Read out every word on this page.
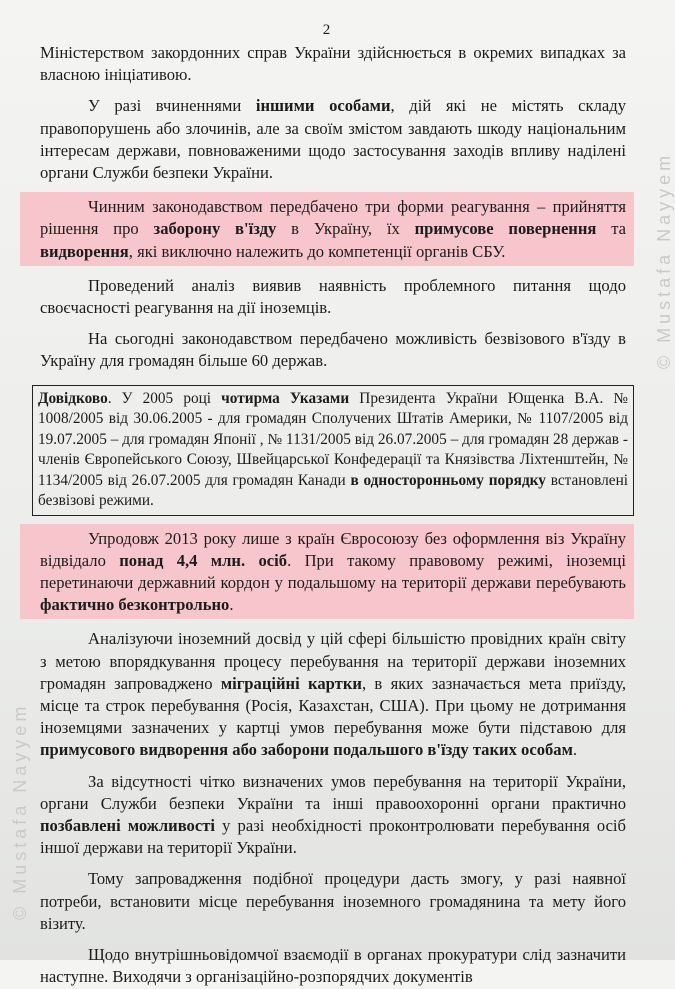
2
© Mustafa Nayyem
© Mustafa Nayyem

Міністерством закордонних справ України здійснюється в окремих випадках за власною ініціативою.

У разі вчиненнями іншими особами, дій які не містять складу правопорушень або злочинів, але за своїм змістом завдають шкоду національним інтересам держави, повноваженими щодо застосування заходів впливу наділені органи Служби безпеки України.

Чинним законодавством передбачено три форми реагування – прийняття рішення про заборону в'їзду в Україну, їх примусове повернення та видворення, які виключно належить до компетенції органів СБУ.

Проведений аналіз виявив наявність проблемного питання щодо своєчасності реагування на дії іноземців.

На сьогодні законодавством передбачено можливість безвізового в'їзду в Україну для громадян більше 60 держав.

Довідково. У 2005 році чотирма Указами Президента України Ющенка В.А. № 1008/2005 від 30.06.2005 - для громадян Сполучених Штатів Америки, № 1107/2005 від 19.07.2005 – для громадян Японії , № 1131/2005 від 26.07.2005 – для громадян 28 держав - членів Європейського Союзу, Швейцарської Конфедерації та Князівства Ліхтенштейн, № 1134/2005 від 26.07.2005 для громадян Канади в односторонньому порядку встановлені безвізові режими.

Упродовж 2013 року лише з країн Євросоюзу без оформлення віз Україну відвідало понад 4,4 млн. осіб. При такому правовому режимі, іноземці перетинаючи державний кордон у подальшому на території держави перебувають фактично безконтрольно.

Аналізуючи іноземний досвід у цій сфері більшістю провідних країн світу з метою впорядкування процесу перебування на території держави іноземних громадян запроваджено міграційні картки, в яких зазначається мета приїзду, місце та строк перебування (Росія, Казахстан, США). При цьому не дотримання іноземцями зазначених у картці умов перебування може бути підставою для примусового видворення або заборони подальшого в'їзду таких особам.

За відсутності чітко визначених умов перебування на території України, органи Служби безпеки України та інші правоохоронні органи практично позбавлені можливості у разі необхідності проконтролювати перебування осіб іншої держави на території України.

Тому запровадження подібної процедури дасть змогу, у разі наявної потреби, встановити місце перебування іноземного громадянина та мету його візиту.

Щодо внутрішньовідомчої взаємодії в органах прокуратури слід зазначити наступне. Виходячи з організаційно-розпорядчих документів
